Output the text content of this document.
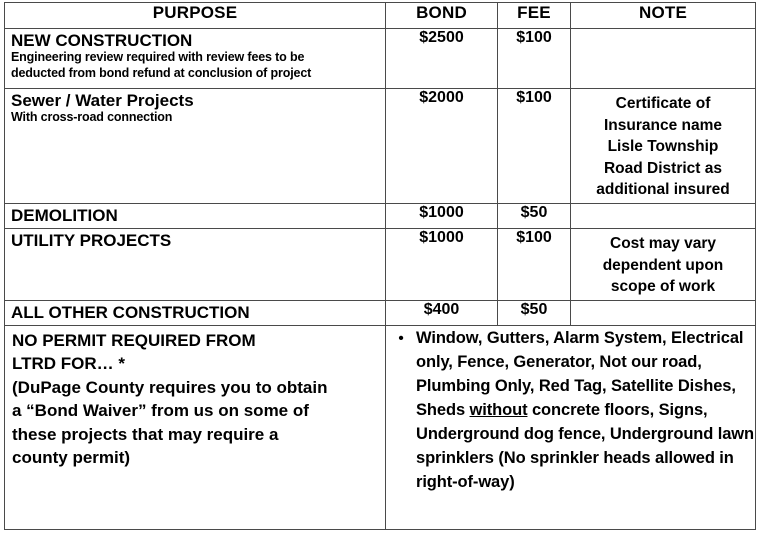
PURPOSE	BOND	FEE	NOTE

NEW CONSTRUCTION
Engineering review required with review fees to be
deducted from bond refund at conclusion of project	$2500	$100	

Sewer / Water Projects
With cross-road connection
	$2000	$100	Certificate of
Insurance name
Lisle Township
Road District as
additional insured

DEMOLITION	$1000	$50	

UTILITY PROJECTS	$1000	$100	Cost may vary
dependent upon
scope of work

ALL OTHER CONSTRUCTION	$400	$50	

NO PERMIT REQUIRED FROM
LTRD FOR… *
(DuPage County requires you to obtain
a “Bond Waiver” from us on some of
these projects that may require a
county permit)

• Window, Gutters, Alarm System, Electrical only, Fence, Generator, Not our road, Plumbing Only, Red Tag, Satellite Dishes, Sheds without concrete floors, Signs, Underground dog fence, Underground lawn sprinklers (No sprinkler heads allowed in right-of-way)
